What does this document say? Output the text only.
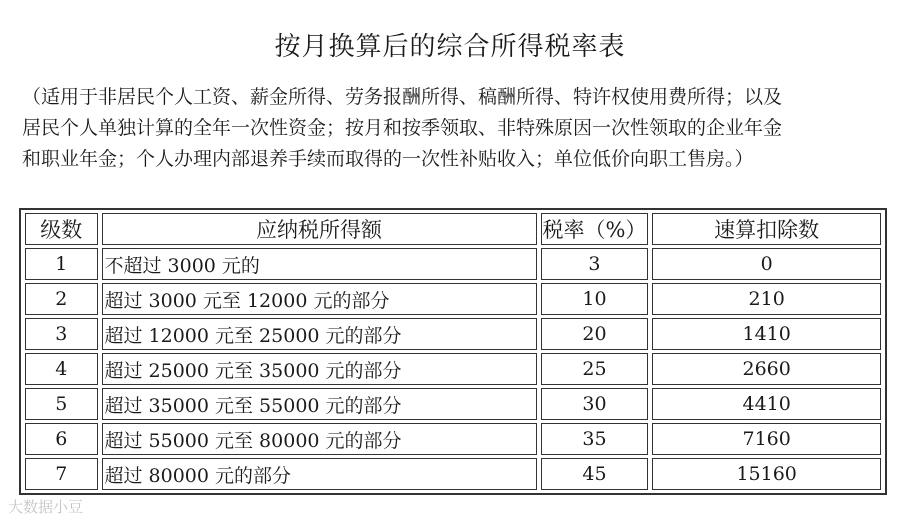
按月换算后的综合所得税率表
（适用于非居民个人工资、薪金所得、劳务报酬所得、稿酬所得、特许权使用费所得；以及
居民个人单独计算的全年一次性资金；按月和按季领取、非特殊原因一次性领取的企业年金
和职业年金；个人办理内部退养手续而取得的一次性补贴收入；单位低价向职工售房。）
级数	应纳税所得额	税率（%）	速算扣除数
1	不超过 3000 元的	3	0
2	超过 3000 元至 12000 元的部分	10	210
3	超过 12000 元至 25000 元的部分	20	1410
4	超过 25000 元至 35000 元的部分	25	2660
5	超过 35000 元至 55000 元的部分	30	4410
6	超过 55000 元至 80000 元的部分	35	7160
7	超过 80000 元的部分	45	15160
大数据小豆
